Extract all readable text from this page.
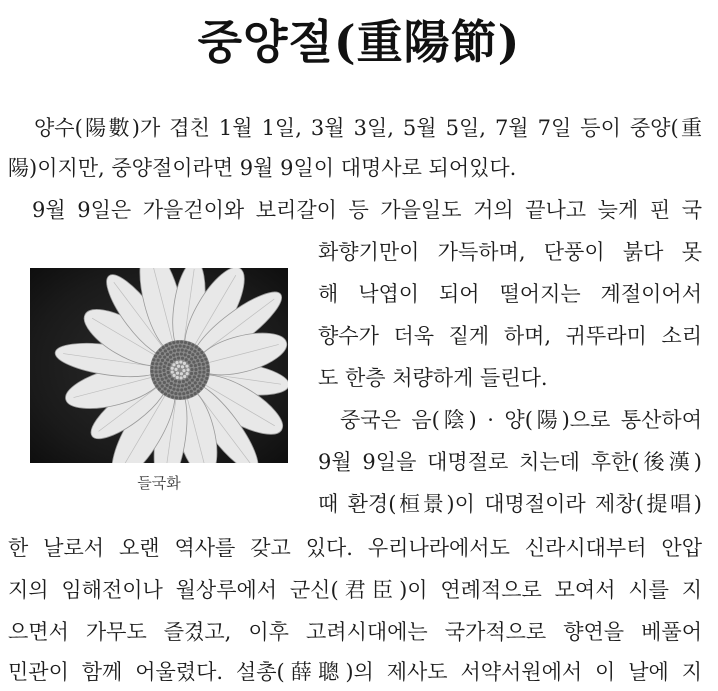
중양절(重陽節)
양수(陽數)가 겹친 1월 1일, 3월 3일, 5월 5일, 7월 7일 등이 중양(重
陽)이지만, 중양절이라면 9월 9일이 대명사로 되어있다.
9월 9일은 가을걷이와 보리갈이 등 가을일도 거의 끝나고 늦게 핀 국
화향기만이 가득하며, 단풍이 붉다 못
해 낙엽이 되어 떨어지는 계절이어서
향수가 더욱 짙게 하며, 귀뚜라미 소리
도 한층 처량하게 들린다.
중국은 음(陰) · 양(陽)으로 통산하여
9월 9일을 대명절로 치는데 후한(後漢)
때 환경(桓景)이 대명절이라 제창(提唱)
한 날로서 오랜 역사를 갖고 있다. 우리나라에서도 신라시대부터 안압
지의 임해전이나 월상루에서 군신(君臣)이 연례적으로 모여서 시를 지
으면서 가무도 즐겼고, 이후 고려시대에는 국가적으로 향연을 베풀어
민관이 함께 어울렸다. 설총(薛聰)의 제사도 서약서원에서 이 날에 지
들국화
